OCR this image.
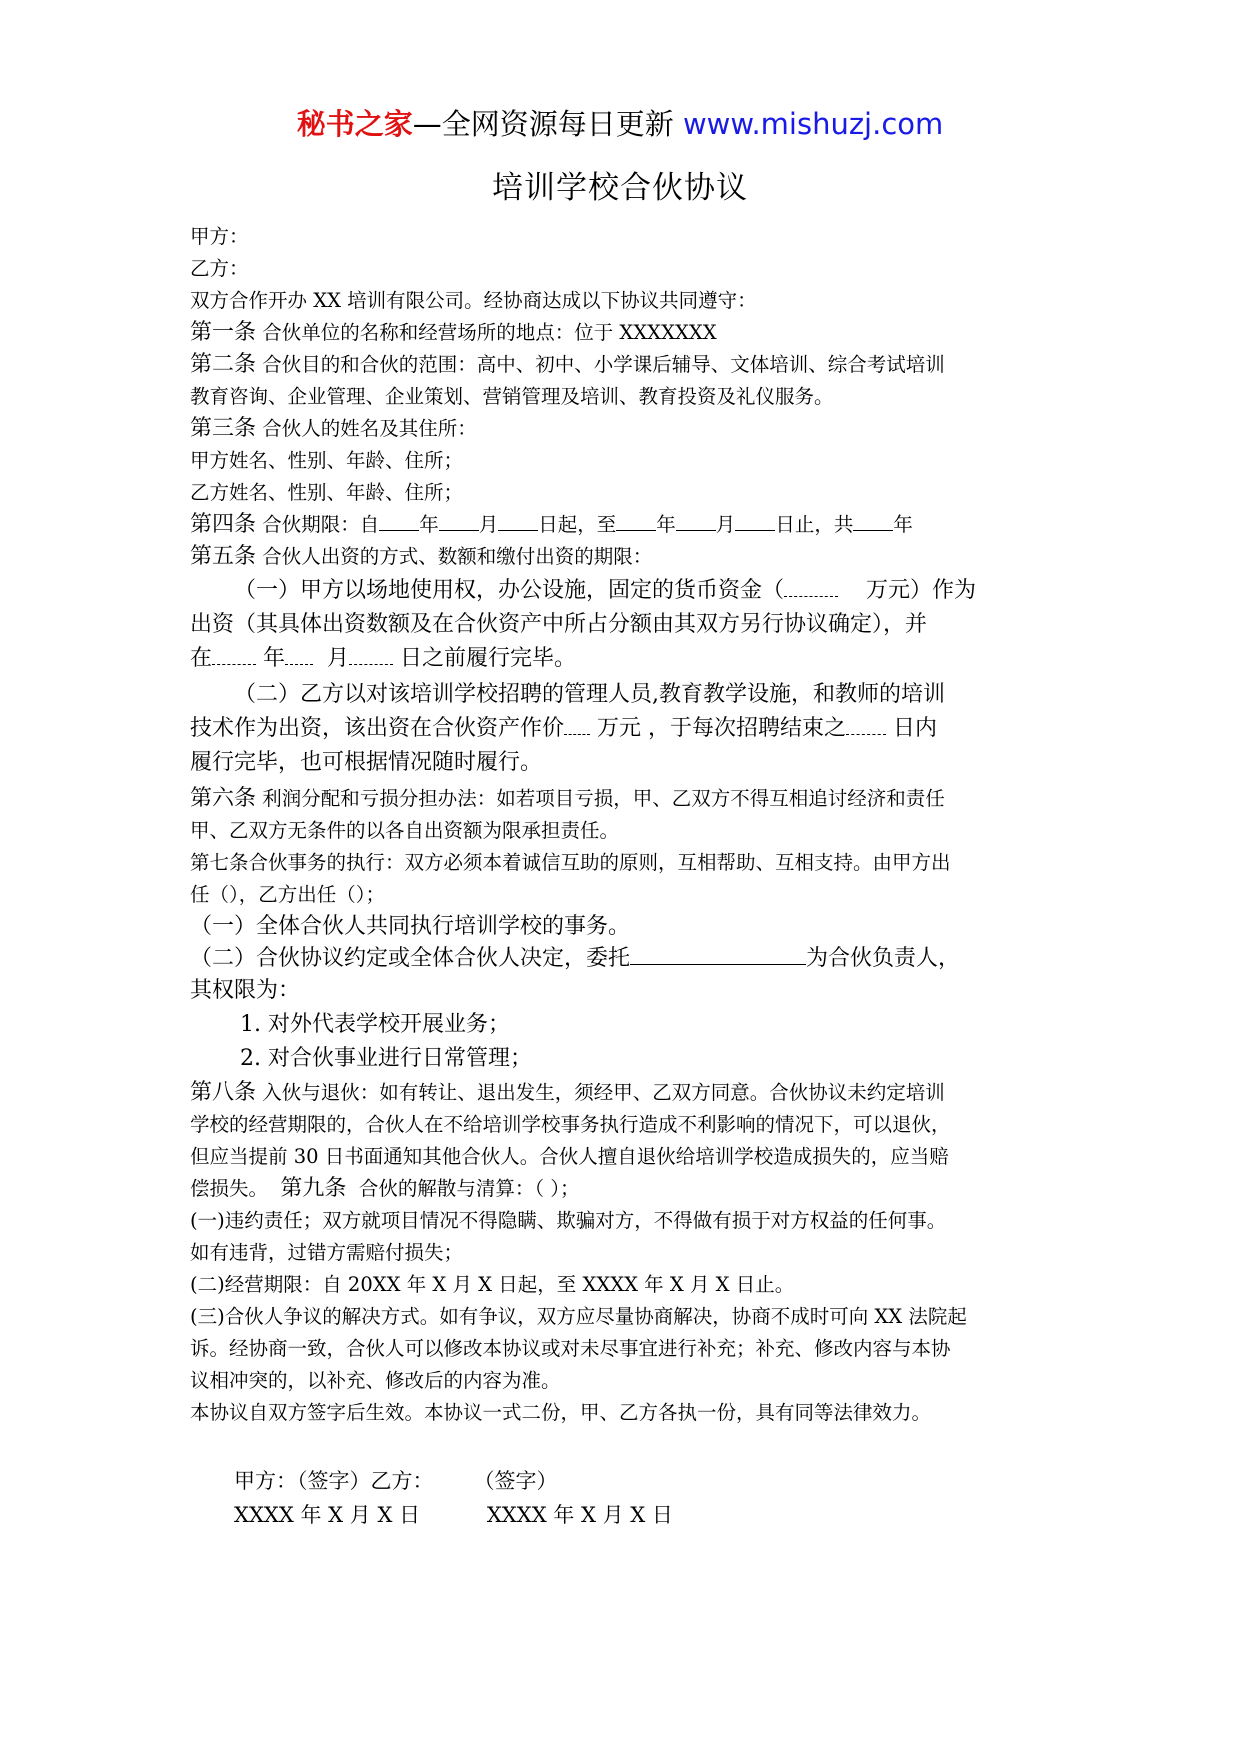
秘书之家—全网资源每日更新 www.mishuzj.com
培训学校合伙协议
甲方：
乙方：
双方合作开办 XX 培训有限公司。经协商达成以下协议共同遵守：
第一条 合伙单位的名称和经营场所的地点：位于 XXXXXXX
第二条 合伙目的和合伙的范围：高中、初中、小学课后辅导、文体培训、综合考试培训
教育咨询、企业管理、企业策划、营销管理及培训、教育投资及礼仪服务。
第三条 合伙人的姓名及其住所：
甲方姓名、性别、年龄、住所；
乙方姓名、性别、年龄、住所；
第四条 合伙期限：自 年 月 日起，至 年 月 日止，共 年
第五条 合伙人出资的方式、数额和缴付出资的期限：
（一）甲方以场地使用权，办公设施，固定的货币资金（	万元）作为
出资（其具体出资数额及在合伙资产中所占分额由其双方另行协议确定），并
在 年 月 日之前履行完毕。
（二）乙方以对该培训学校招聘的管理人员,教育教学设施，和教师的培训
技术作为出资，该出资在合伙资产作价 万元 ，于每次招聘结束之 日内
履行完毕，也可根据情况随时履行。
第六条 利润分配和亏损分担办法：如若项目亏损，甲、乙双方不得互相追讨经济和责任
甲、乙双方无条件的以各自出资额为限承担责任。
第七条合伙事务的执行：双方必须本着诚信互助的原则，互相帮助、互相支持。由甲方出
任（），乙方出任（）；
（一）全体合伙人共同执行培训学校的事务。
（二）合伙协议约定或全体合伙人决定，委托	为合伙负责人，
其权限为：
1. 对外代表学校开展业务；
2. 对合伙事业进行日常管理；
第八条 入伙与退伙：如有转让、退出发生，须经甲、乙双方同意。合伙协议未约定培训
学校的经营期限的，合伙人在不给培训学校事务执行造成不利影响的情况下，可以退伙，
但应当提前 30 日书面通知其他合伙人。合伙人擅自退伙给培训学校造成损失的，应当赔
偿损失。 第九条 合伙的解散与清算：（ ）；
(一)违约责任；双方就项目情况不得隐瞒、欺骗对方，不得做有损于对方权益的任何事。
如有违背，过错方需赔付损失；
(二)经营期限：自 20XX 年 X 月 X 日起，至 XXXX 年 X 月 X 日止。
(三)合伙人争议的解决方式。如有争议，双方应尽量协商解决，协商不成时可向 XX 法院起
诉。经协商一致，合伙人可以修改本协议或对未尽事宜进行补充；补充、修改内容与本协
议相冲突的，以补充、修改后的内容为准。
本协议自双方签字后生效。本协议一式二份，甲、乙方各执一份，具有同等法律效力。
甲方：（签字）乙方： （签字）
XXXX 年 X 月 X 日	XXXX 年 X 月 X 日
